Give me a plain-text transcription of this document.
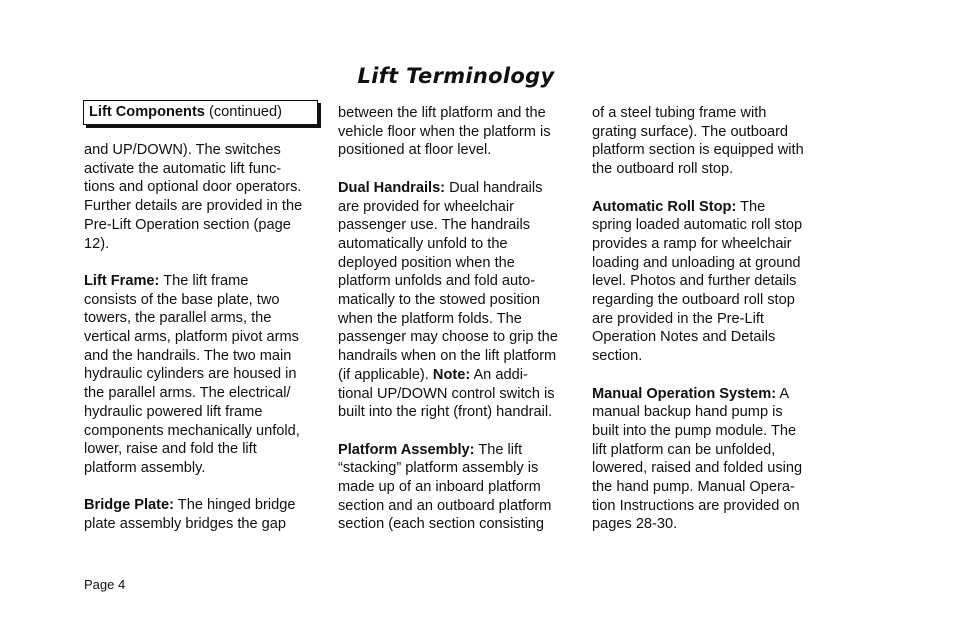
Lift Terminology
Lift Components (continued)

and UP/DOWN). The switches

activate the automatic lift func-

tions and optional door operators.

Further details are provided in the

Pre-Lift Operation section (page

12).

Lift Frame: The lift frame

consists of the base plate, two

towers, the parallel arms, the

vertical arms, platform pivot arms

and the handrails. The two main

hydraulic cylinders are housed in

the parallel arms. The electrical/

hydraulic powered lift frame

components mechanically unfold,

lower, raise and fold the lift

platform assembly.

Bridge Plate: The hinged bridge

plate assembly bridges the gap

between the lift platform and the

vehicle floor when the platform is

positioned at floor level.

Dual Handrails: Dual handrails

are provided for wheelchair

passenger use. The handrails

automatically unfold to the

deployed position when the

platform unfolds and fold auto-

matically to the stowed position

when the platform folds. The

passenger may choose to grip the

handrails when on the lift platform

(if applicable). Note: An addi-

tional UP/DOWN control switch is

built into the right (front) handrail.

Platform Assembly: The lift

“stacking” platform assembly is

made up of an inboard platform

section and an outboard platform

section (each section consisting

of a steel tubing frame with

grating surface). The outboard

platform section is equipped with

the outboard roll stop.

Automatic Roll Stop: The

spring loaded automatic roll stop

provides a ramp for wheelchair

loading and unloading at ground

level. Photos and further details

regarding the outboard roll stop

are provided in the Pre-Lift

Operation Notes and Details

section.

Manual Operation System: A

manual backup hand pump is

built into the pump module. The

lift platform can be unfolded,

lowered, raised and folded using

the hand pump. Manual Opera-

tion Instructions are provided on

pages 28-30.

Page 4
